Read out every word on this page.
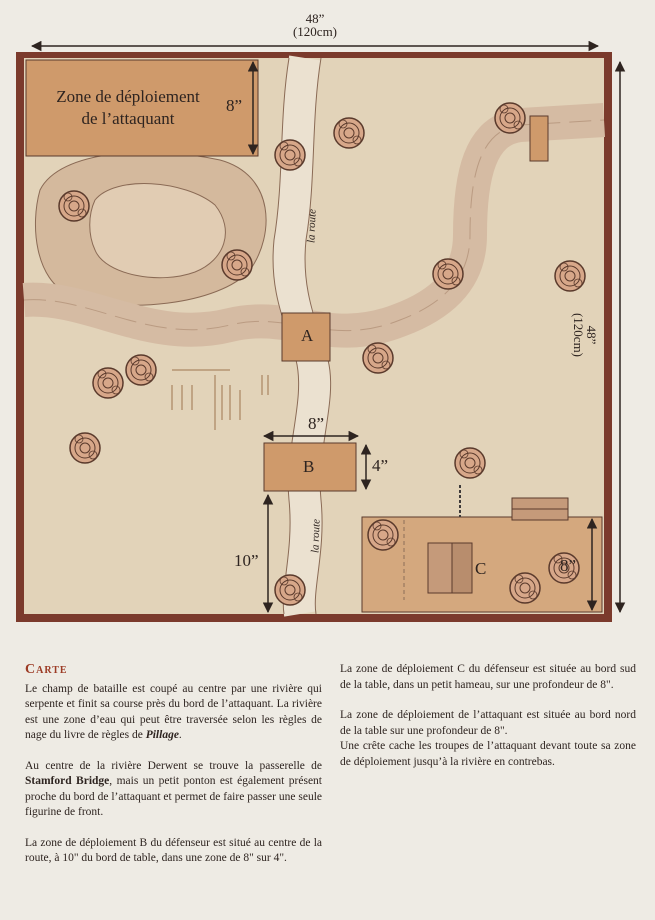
48”
(120cm)
48”
(120cm)
Zone de déploiement
de l’attaquant
8”
la route
la route
A
B
8”
4”
10”	C	8”
Carte

Le champ de bataille est coupé au centre par une rivière qui serpente et finit sa course près du bord de l’attaquant. La rivière est une zone d’eau qui peut être traversée selon les règles de nage du livre de règles de Pillage.

Au centre de la rivière Derwent se trouve la passerelle de Stamford Bridge, mais un petit ponton est également présent proche du bord de l’attaquant et permet de faire passer une seule figurine de front.

La zone de déploiement B du défenseur est situé au centre de la route, à 10" du bord de table, dans une zone de 8" sur 4".

La zone de déploiement C du défenseur est située au bord sud de la table, dans un petit hameau, sur une profondeur de 8".

La zone de déploiement de l’attaquant est située au bord nord de la table sur une profondeur de 8".

Une crête cache les troupes de l’attaquant devant toute sa zone de déploiement jusqu’à la rivière en contrebas.
